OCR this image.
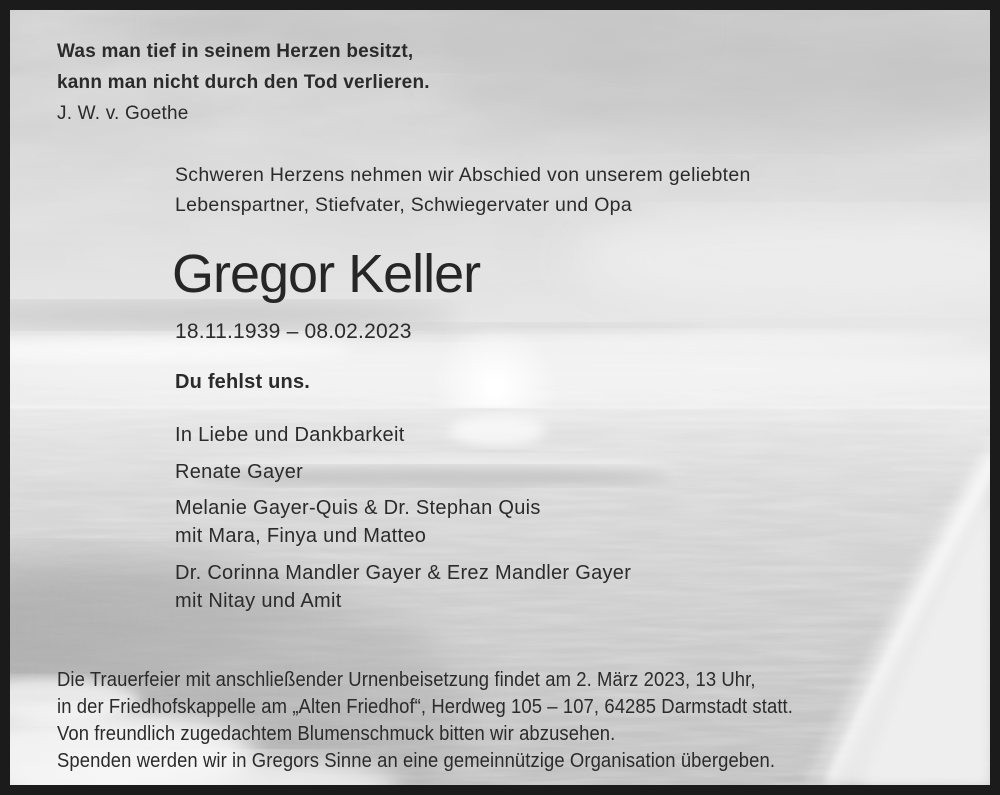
Was man tief in seinem Herzen besitzt,
kann man nicht durch den Tod verlieren.
J. W. v. Goethe
Schweren Herzens nehmen wir Abschied von unserem geliebten
Lebenspartner, Stiefvater, Schwiegervater und Opa
Gregor Keller
18.11.1939 – 08.02.2023
Du fehlst uns.
In Liebe und Dankbarkeit
Renate Gayer
Melanie Gayer-Quis & Dr. Stephan Quis
mit Mara, Finya und Matteo
Dr. Corinna Mandler Gayer & Erez Mandler Gayer
mit Nitay und Amit
Die Trauerfeier mit anschließender Urnenbeisetzung findet am 2. März 2023, 13 Uhr,
in der Friedhofskappelle am „Alten Friedhof“, Herdweg 105 – 107, 64285 Darmstadt statt.
Von freundlich zugedachtem Blumenschmuck bitten wir abzusehen.
Spenden werden wir in Gregors Sinne an eine gemeinnützige Organisation übergeben.
